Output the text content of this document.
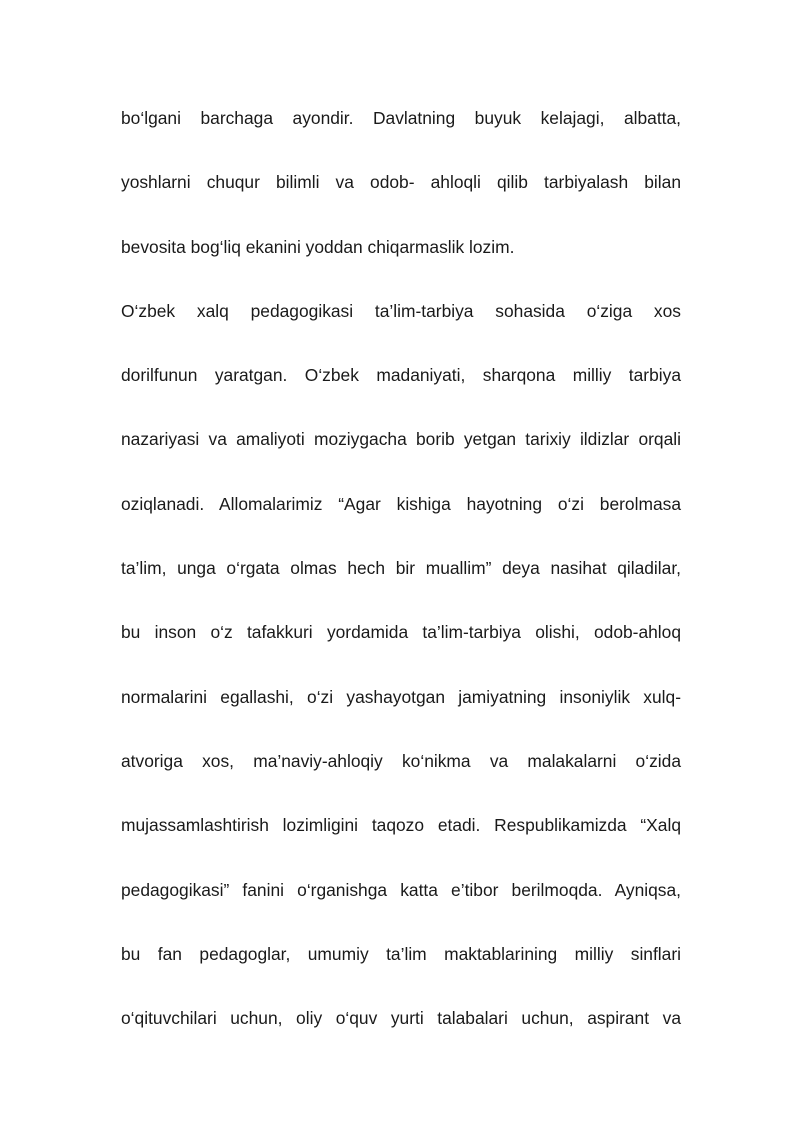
bo‘lgani barchaga ayondir. Davlatning buyuk kelajagi, albatta,
yoshlarni chuqur bilimli va odob- ahloqli qilib tarbiyalash bilan
bevosita bog‘liq ekanini yoddan chiqarmaslik lozim.
O‘zbek xalq pedagogikasi ta’lim-tarbiya sohasida o‘ziga xos
dorilfunun yaratgan. O‘zbek madaniyati, sharqona milliy tarbiya
nazariyasi va amaliyoti moziygacha borib yetgan tarixiy ildizlar orqali
oziqlanadi. Allomalarimiz “Agar kishiga hayotning o‘zi berolmasa
ta’lim, unga o‘rgata olmas hech bir muallim” deya nasihat qiladilar,
bu inson o‘z tafakkuri yordamida ta’lim-tarbiya olishi, odob-ahloq
normalarini egallashi, o‘zi yashayotgan jamiyatning insoniylik xulq-
atvoriga xos, ma’naviy-ahloqiy ko‘nikma va malakalarni o‘zida
mujassamlashtirish lozimligini taqozo etadi. Respublikamizda “Xalq
pedagogikasi” fanini o‘rganishga katta e’tibor berilmoqda. Ayniqsa,
bu fan pedagoglar, umumiy ta’lim maktablarining milliy sinflari
o‘qituvchilari uchun, oliy o‘quv yurti talabalari uchun, aspirant va
